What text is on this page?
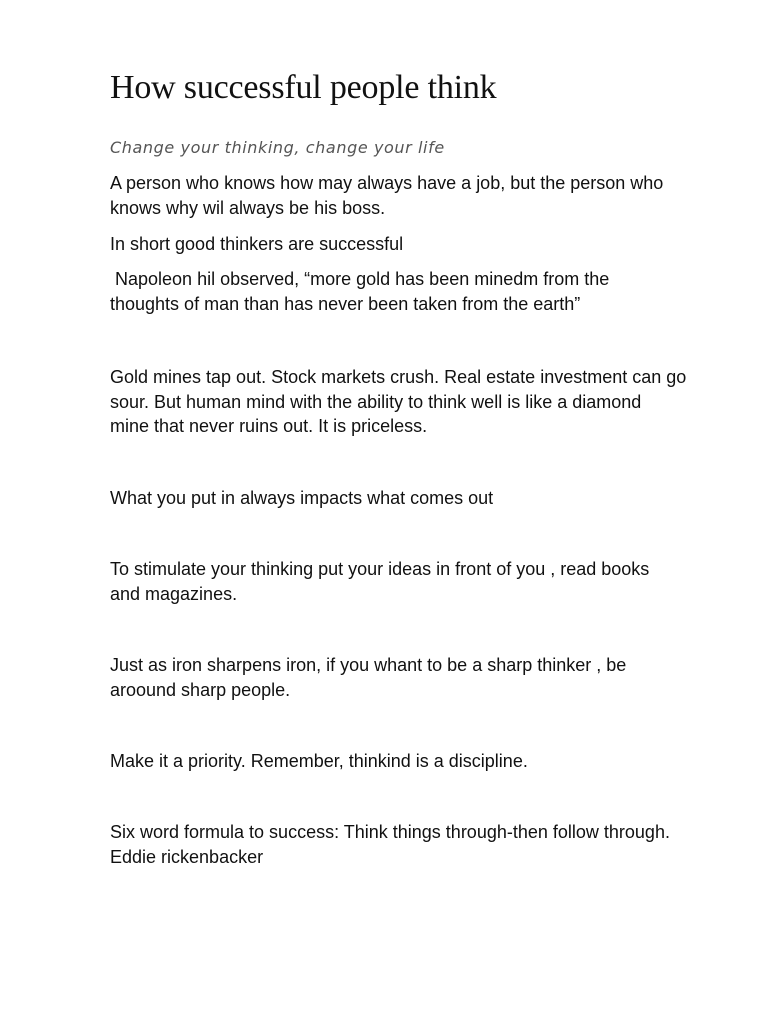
How successful people think

Change your thinking, change your life

A person who knows how may always have a job, but the person who
knows why wil always be his boss.

In short good thinkers are successful

Napoleon hil observed, “more gold has been minedm from the
thoughts of man than has never been taken from the earth”

Gold mines tap out. Stock markets crush. Real estate investment can go
sour. But human mind with the ability to think well is like a diamond
mine that never ruins out. It is priceless.

What you put in always impacts what comes out

To stimulate your thinking put your ideas in front of you , read books
and magazines.

Just as iron sharpens iron, if you whant to be a sharp thinker , be
aroound sharp people.

Make it a priority. Remember, thinkind is a discipline.

Six word formula to success: Think things through-then follow through.
Eddie rickenbacker
